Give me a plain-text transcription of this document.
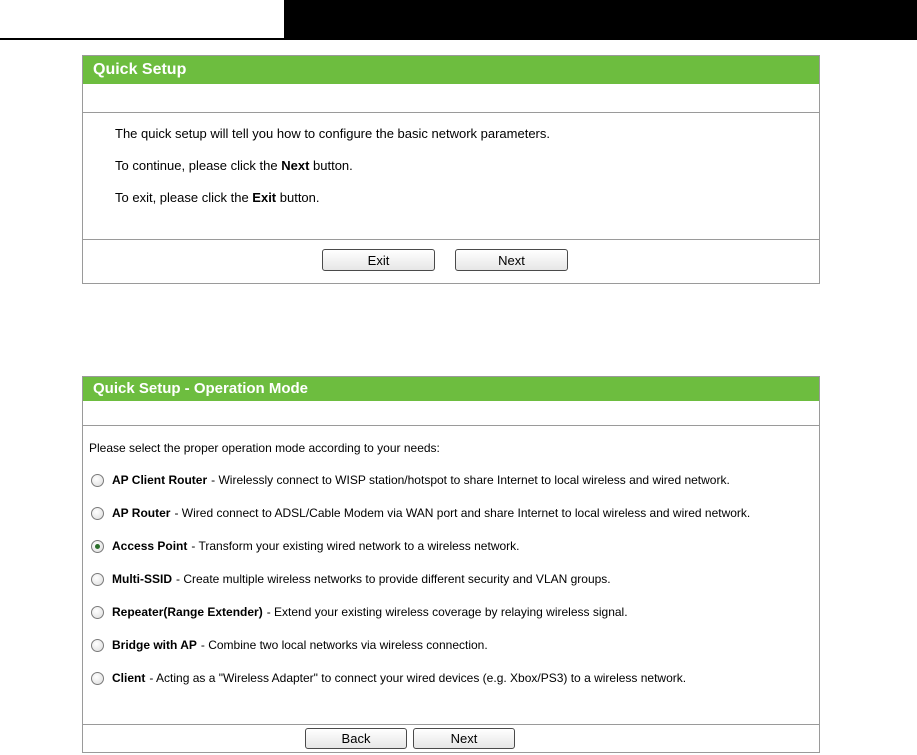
Quick Setup
The quick setup will tell you how to configure the basic network parameters.
To continue, please click the Next button.
To exit, please click the Exit button.
Exit	Next
Quick Setup - Operation Mode
Please select the proper operation mode according to your needs:
AP Client Router - Wirelessly connect to WISP station/hotspot to share Internet to local wireless and wired network.
AP Router - Wired connect to ADSL/Cable Modem via WAN port and share Internet to local wireless and wired network.
Access Point - Transform your existing wired network to a wireless network.
Multi-SSID - Create multiple wireless networks to provide different security and VLAN groups.
Repeater(Range Extender) - Extend your existing wireless coverage by relaying wireless signal.
Bridge with AP - Combine two local networks via wireless connection.
Client - Acting as a "Wireless Adapter" to connect your wired devices (e.g. Xbox/PS3) to a wireless network.
Back	Next
